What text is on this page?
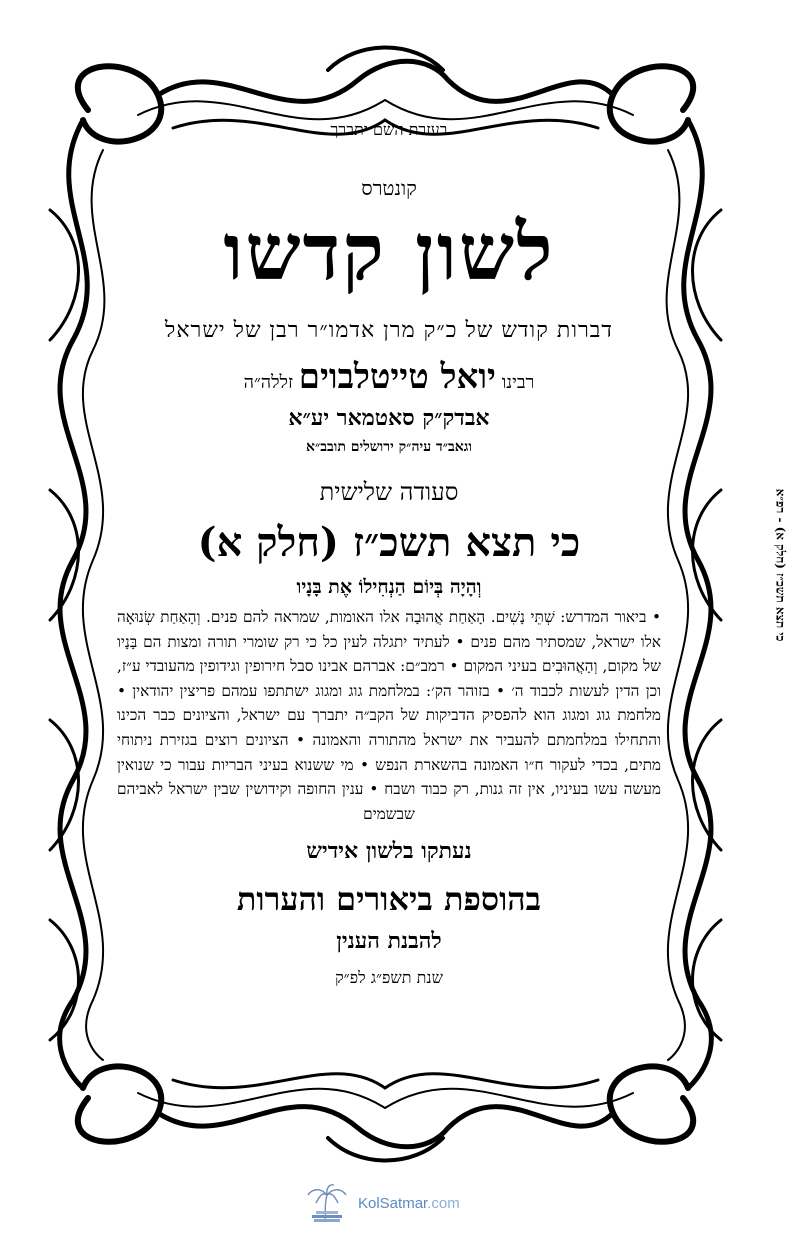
בעזרת השם יתברך
קונטרס
לשון קדשו
דברות קודש של כ״ק מרן אדמו״ר רבן של ישראל
רבינו יואל טייטלבוים זללה״ה
אבדק״ק סאטמאר יע״א
וגאב״ד עיה״ק ירושלים תובב״א
סעודה שלישית
כי תצא תשכ״ז (חלק א)
וְהָיָה בְּיוֹם הַנְחִילוֹ אֶת בָּנָיו
• ביאור המדרש: שְׁתֵּי נָשִׁים. הָאַחַת אֲהוּבָה אלו האומות, שמראה להם פנים. וְהָאַחַת שְׂנוּאָה אלו ישראל, שמסתיר מהם פנים • לעתיד יתגלה לעין כל כי רק שומרי תורה ומצות הם בָּנָיו של מקום, וְהָאֲהוּבִים בעיני המקום • רמב״ם: אברהם אבינו סבל חירופין וגידופין מהעובדי ע״ז, וכן הדין לעשות לכבוד ה׳ • בזוהר הק׳: במלחמת גוג ומגוג ישתתפו עמהם פריצין יהודאין • מלחמת גוג ומגוג הוא להפסיק הדביקות של הקב״ה יתברך עם ישראל, והציונים כבר הכינו והתחילו במלחמתם להעביר את ישראל מהתורה והאמונה • הציונים רוצים בגזירת ניתוחי מתים, בכדי לעקור ח״ו האמונה בהשארת הנפש • מי ששנוא בעיני הבריות עבור כי שנואין מעשה עשו בעיניו, אין זה גנות, רק כבוד ושבח • ענין החופה וקידושין שבין ישראל לאביהם שבשמים
נעתקו בלשון אידיש
בהוספת ביאורים והערות
להבנת הענין
שנת תשפ״ג לפ״ק
כי תצא תשכ״ז (חלק א) - רפ״א
KolSatmar.com
